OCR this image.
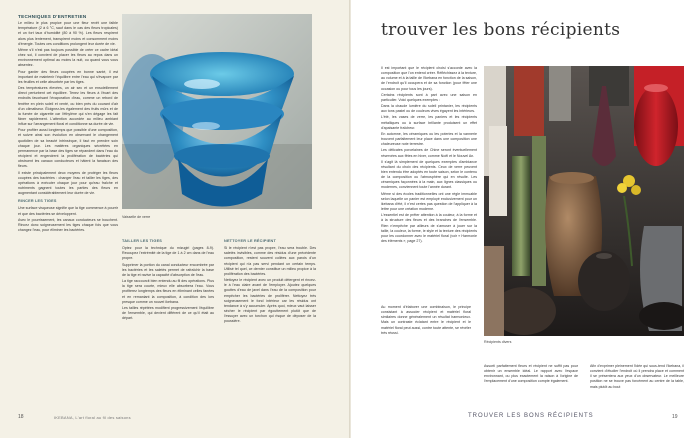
TECHNIQUES D'ENTRETIEN

Le milieu le plus propice pour une fleur revêt une faible température (2 à 6 °C, sauf dans le cas des fleurs tropicales) et un fort taux d'humidité (80 à 90 %). Les fleurs respirent alors plus lentement, transpirent moins et consomment moins d'énergie. Toutes ces conditions prolongent leur durée de vie.

Même s'il n'est pas toujours possible de créer ce cadre idéal chez soi, il convient de placer les fleurs au repos dans un environnement optimal au moins la nuit, ou quand vous vous absentez.

Pour garder des fleurs coupées en bonne santé, il est important de maintenir l'équilibre entre l'eau qui s'évapore par les feuilles et celle absorbée par les tiges.

Des températures élevées, un air sec et un ensoleillement direct perturbent cet équilibre. Tenez les fleurs à l'écart des endroits favorisant l'évaporation d'eau, comme un rebord de fenêtre en plein soleil et venté, ou bien près du courant d'air d'un climatiseur. Éloignez-les également des fruits mûrs et de la fumée de cigarette car l'éthylène qui s'en dégage les fait fâner rapidement. L'attention accordée au milieu ambiant influe sur l'arrangement floral et conditionne sa durée de vie.

Pour profiter aussi longtemps que possible d'une composition, et suivre ainsi son évolution en observant le changement quotidien de sa beauté intrinsèque, il faut en prendre soin chaque jour. Les matières organiques sécrétées en permanence par la base des tiges se répandent dans l'eau du récipient et engendrent la prolifération de bactéries qui obstruent les canaux conducteurs et hâtent la fanaison des fleurs.

Il existe principalement deux moyens de protéger les fleurs coupées des bactéries : changer l'eau et tailler les tiges, des opérations à exécuter chaque jour pour qu'eau fraîche et nutriments gagnent toutes les parties des fleurs en augmentant considérablement leur durée de vie.

RINCER LES TIGES

Une surface visqueuse signifie que la tige commence à pourrir et que des bactéries se développent.

Avec le pourrissement, les canaux conducteurs se bouchent. Rincez donc soigneusement les tiges chaque fois que vous changez l'eau, pour éliminer les bactéries.

Vaisselle de verre
TAILLER LES TIGES

Optez pour la technique du mizugiri (pages 8-9). Recoupez l'extrémité de la tige de 1 à 2 cm dans de l'eau propre.

Supprimer la portion du canal conducteur encombrée par les bactéries et les saletés permet de rafraîchir la base de la tige et ravive la capacité d'absorption de l'eau.

La tige raccourcit bien entendu au fil des opérations. Plus la tige sera courte, mieux elle absorbera l'eau. Vous profiterez longtemps des fleurs en éliminant celles fanées et en remaniant la composition, à condition des lors presque comme un nouvel ikebana.

Les tailles répétées modifient progressivement l'équilibre de l'ensemble, qui devient différent de ce qu'il était au départ.

NETTOYER LE RÉCIPIENT

Si le récipient n'est pas propre, l'eau sera trouble. Des saletés invisibles, comme des résidus d'une précédente composition, restent souvent collées aux parois d'un récipient qui n'a pas servi pendant un certain temps. Utilisé tel quel, ce dernier constitue un milieu propice à la prolifération des bactéries.

Nettoyez le récipient avec un produit détergent et rincez-le à l'eau claire avant de l'employer. Ajoutez quelques gouttes d'eau de javel dans l'eau de la composition pour empêcher les bactéries de proliférer. Nettoyez très soigneusement le fond intérieur car les résidus ont tendance à s'y accumuler. Après quoi, mieux vaut laisser sécher le récipient par égouttement plutôt que de l'essuyer avec un torchon qui risque de déposer de la poussière.

18	IKEBANA, L'art floral au fil des saisons
trouver les bons récipients

Il est important que le récipient choisi s'accorde avec la composition que l'on entend créer. Réfléchissez à la texture, au volume et à la taille de l'ikebana en fonction de la saison, de l'endroit qu'il occupera et de sa fonction (pour fêter une occasion ou pour tous les jours).

Certains récipients sont à part avec une saison en particulier. Voici quelques exemples :

Dans la chaude lumière du soleil printanier, les récipients aux tons pastel ou de couleurs vives égayent les intérieurs.

L'été, les vases de verre, les paniers et les récipients métalliques ou à surface brillante produisent un effet d'apaisante fraîcheur.

En automne, les céramiques ou les poteries et la vannerie trouvent parfaitement leur place dans une composition une chaleureuse note terrestre.

Les délicates porcelaines de Chine seront éventuellement réservées aux fêtes en hiver, comme Noël et le Nouvel An.

Il s'agit là simplement de quelques exemples d'ambiance résultant du choix des récipients. Ceux de verre peuvent bien entendu être adoptés en toute saison, selon le contenu de la composition ou l'atmosphère qui en résulte. Les céramiques façonnées à la main, aux lignes classiques ou modernes, conviennent toute l'année durant.

Même si des écoles traditionnelles ont une règle immuable selon laquelle un panier est employé exclusivement pour un ikebana d'été, il n'est certes pas question de l'appliquer à la lettre pour une création moderne.

L'essentiel est de prêter attention à la couleur, à la forme et à la structure des fleurs et des branches de l'ensemble. Rien n'empêche par ailleurs de s'amuser à jouer sur la taille, la couleur, la forme, le style et la texture des récipients pour les coordonner avec le matériel floral (voir « Harmonie des éléments », page 27).

Au moment d'élaborer une combinaison, le principe consistant à associer récipient et matériel floral similaires donne généralement un résultat harmonieux. Mais un contraste éclatant entre le récipient et le matériel floral peut aussi, contre toute attente, se révéler très réussi.

Récipients divers

Assorti parfaitement fleurs et récipient ne suffit pas pour obtenir un ensemble idéal. Le rapport avec l'espace environnant, ou plus exactement la raison à l'origine de l'emplacement d'une composition compte également.

Afin d'exprimer pleinement l'idée qui sous-tend l'ikebana, il convient d'étudier l'endroit où il prendra place et comment il se présentera aux yeux d'un observateur. Le meilleure position ne se trouve pas forcément au centre de la table, mais plutôt au bout

TROUVER LES BONS RÉCIPIENTS	19
